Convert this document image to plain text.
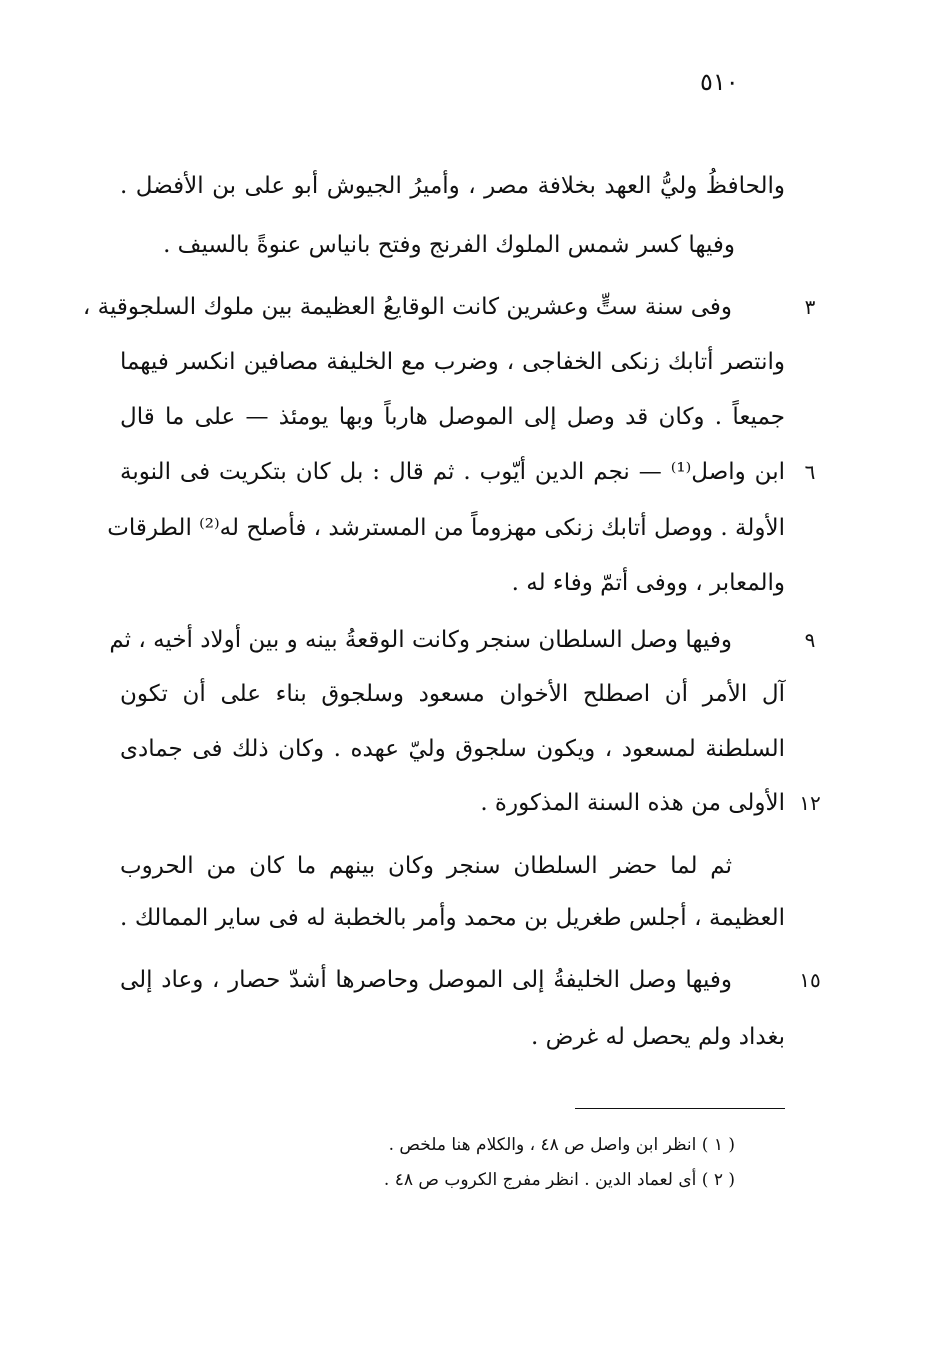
٥١٠
والحافظُ وليُّ العهد بخلافة مصر ، وأميرُ الجيوش أبو على بن الأفضل .
وفيها كسر شمس الملوك الفرنج وفتح بانياس عنوةً بالسيف .
وفى سنة ستٍّ وعشرين كانت الوقايعُ العظيمة بين ملوك السلجوقية ،	٣
وانتصر أتابك زنكى الخفاجى ، وضرب مع الخليفة مصافين انكسر فيهما
جميعاً . وكان قد وصل إلى الموصل هارباً وبها يومئذ — على ما قال
ابن واصل⁽¹⁾ — نجم الدين أيّوب . ثم قال : بل كان بتكريت فى النوبة ٦
الأولة . ووصل أتابك زنكى مهزوماً من المسترشد ، فأصلح له⁽²⁾ الطرقات
والمعابر ، ووفى أتمّ وفاء له .
وفيها وصل السلطان سنجر وكانت الوقعةُ بينه و بين أولاد أخيه ، ثم	٩
آل الأمر أن اصطلح الأخوان مسعود وسلجوق بناء على أن تكون
السلطنة لمسعود ، ويكون سلجوق وليّ عهده . وكان ذلك فى جمادى
الأولى من هذه السنة المذكورة . ١٢
ثم لما حضر السلطان سنجر وكان بينهم ما كان من الحروب
العظيمة ، أجلس طغريل بن محمد وأمر بالخطبة له فى ساير الممالك .
وفيها وصل الخليفةُ إلى الموصل وحاصرها أشدّ حصار ، وعاد إلى	١٥
بغداد ولم يحصل له غرض .
( ١ ) انظر ابن واصل ص ٤٨ ، والكلام هنا ملخص .
( ٢ ) أى لعماد الدين . انظر مفرج الكروب ص ٤٨ .
